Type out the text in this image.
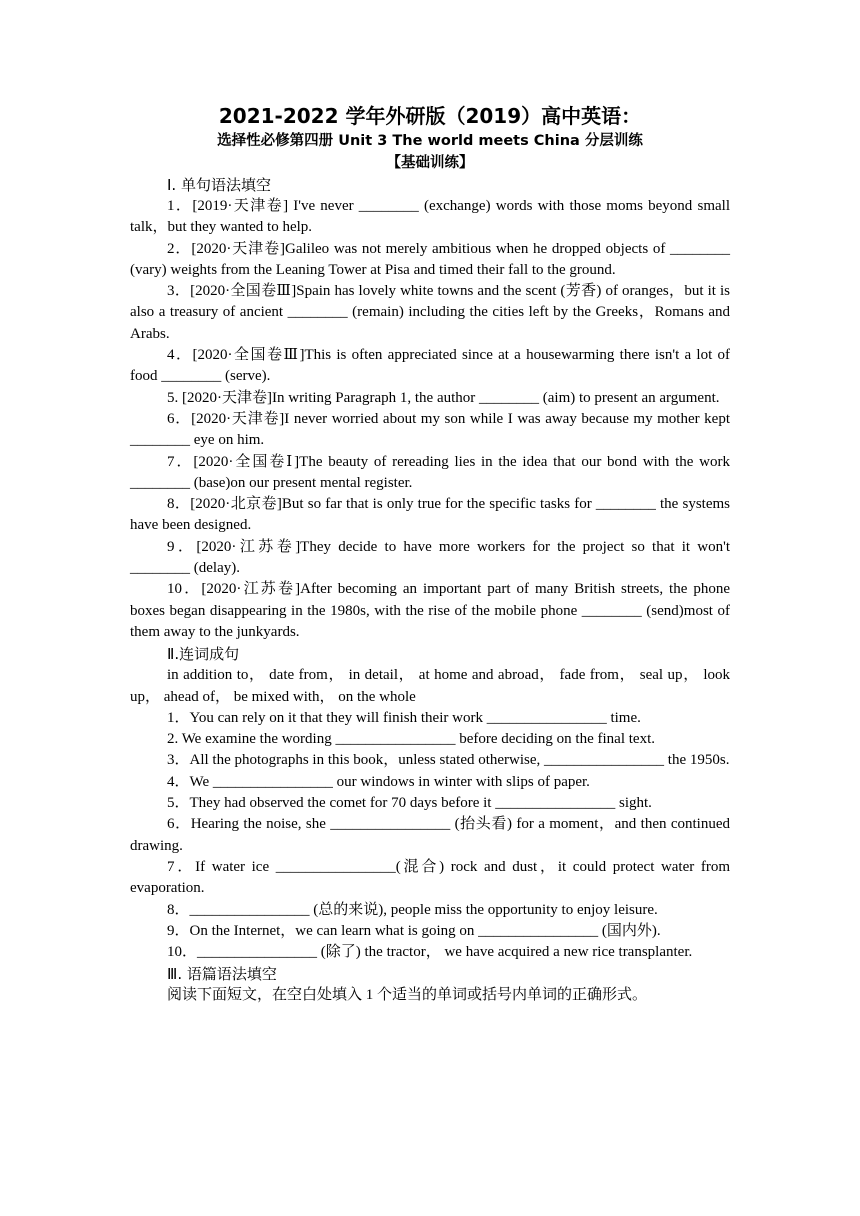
2021-2022 学年外研版（2019）高中英语：

选择性必修第四册 Unit 3 The world meets China 分层训练

【基础训练】

Ⅰ. 单句语法填空

1．[2019·天津卷] I've never ________ (exchange) words with those moms beyond small talk，but they wanted to help.

2．[2020·天津卷]Galileo was not merely ambitious when he dropped objects of ________ (vary) weights from the Leaning Tower at Pisa and timed their fall to the ground.

3．[2020·全国卷Ⅲ]Spain has lovely white towns and the scent (芳香) of oranges，but it is also a treasury of ancient ________ (remain) including the cities left by the Greeks，Romans and Arabs.

4．[2020·全国卷Ⅲ]This is often appreciated since at a housewarming there isn't a lot of food ________ (serve).

5. [2020·天津卷]In writing Paragraph 1, the author ________ (aim) to present an argument.

6．[2020·天津卷]I never worried about my son while I was away because my mother kept ________ eye on him.

7．[2020·全国卷Ⅰ]The beauty of rereading lies in the idea that our bond with the work ________ (base)on our present mental register.

8．[2020·北京卷]But so far that is only true for the specific tasks for ________ the systems have been designed.

9．[2020·江苏卷]They decide to have more workers for the project so that it won't ________ (delay).

10．[2020·江苏卷]After becoming an important part of many British streets, the phone boxes began disappearing in the 1980s, with the rise of the mobile phone ________ (send)most of them away to the junkyards.

Ⅱ.连词成句

in addition to， date from， in detail， at home and abroad， fade from， seal up， look up， ahead of， be mixed with， on the whole

1．You can rely on it that they will finish their work ________________ time.

2. We examine the wording ________________ before deciding on the final text.

3．All the photographs in this book，unless stated otherwise, ________________ the 1950s.

4．We ________________ our windows in winter with slips of paper.

5．They had observed the comet for 70 days before it ________________ sight.

6．Hearing the noise, she ________________ (抬头看) for a moment，and then continued drawing.

7．If water ice ________________(混合) rock and dust，it could protect water from evaporation.

8．________________ (总的来说), people miss the opportunity to enjoy leisure.

9．On the Internet，we can learn what is going on ________________ (国内外).

10．________________ (除了) the tractor， we have acquired a new rice transplanter.

Ⅲ. 语篇语法填空

阅读下面短文，在空白处填入 1 个适当的单词或括号内单词的正确形式。
